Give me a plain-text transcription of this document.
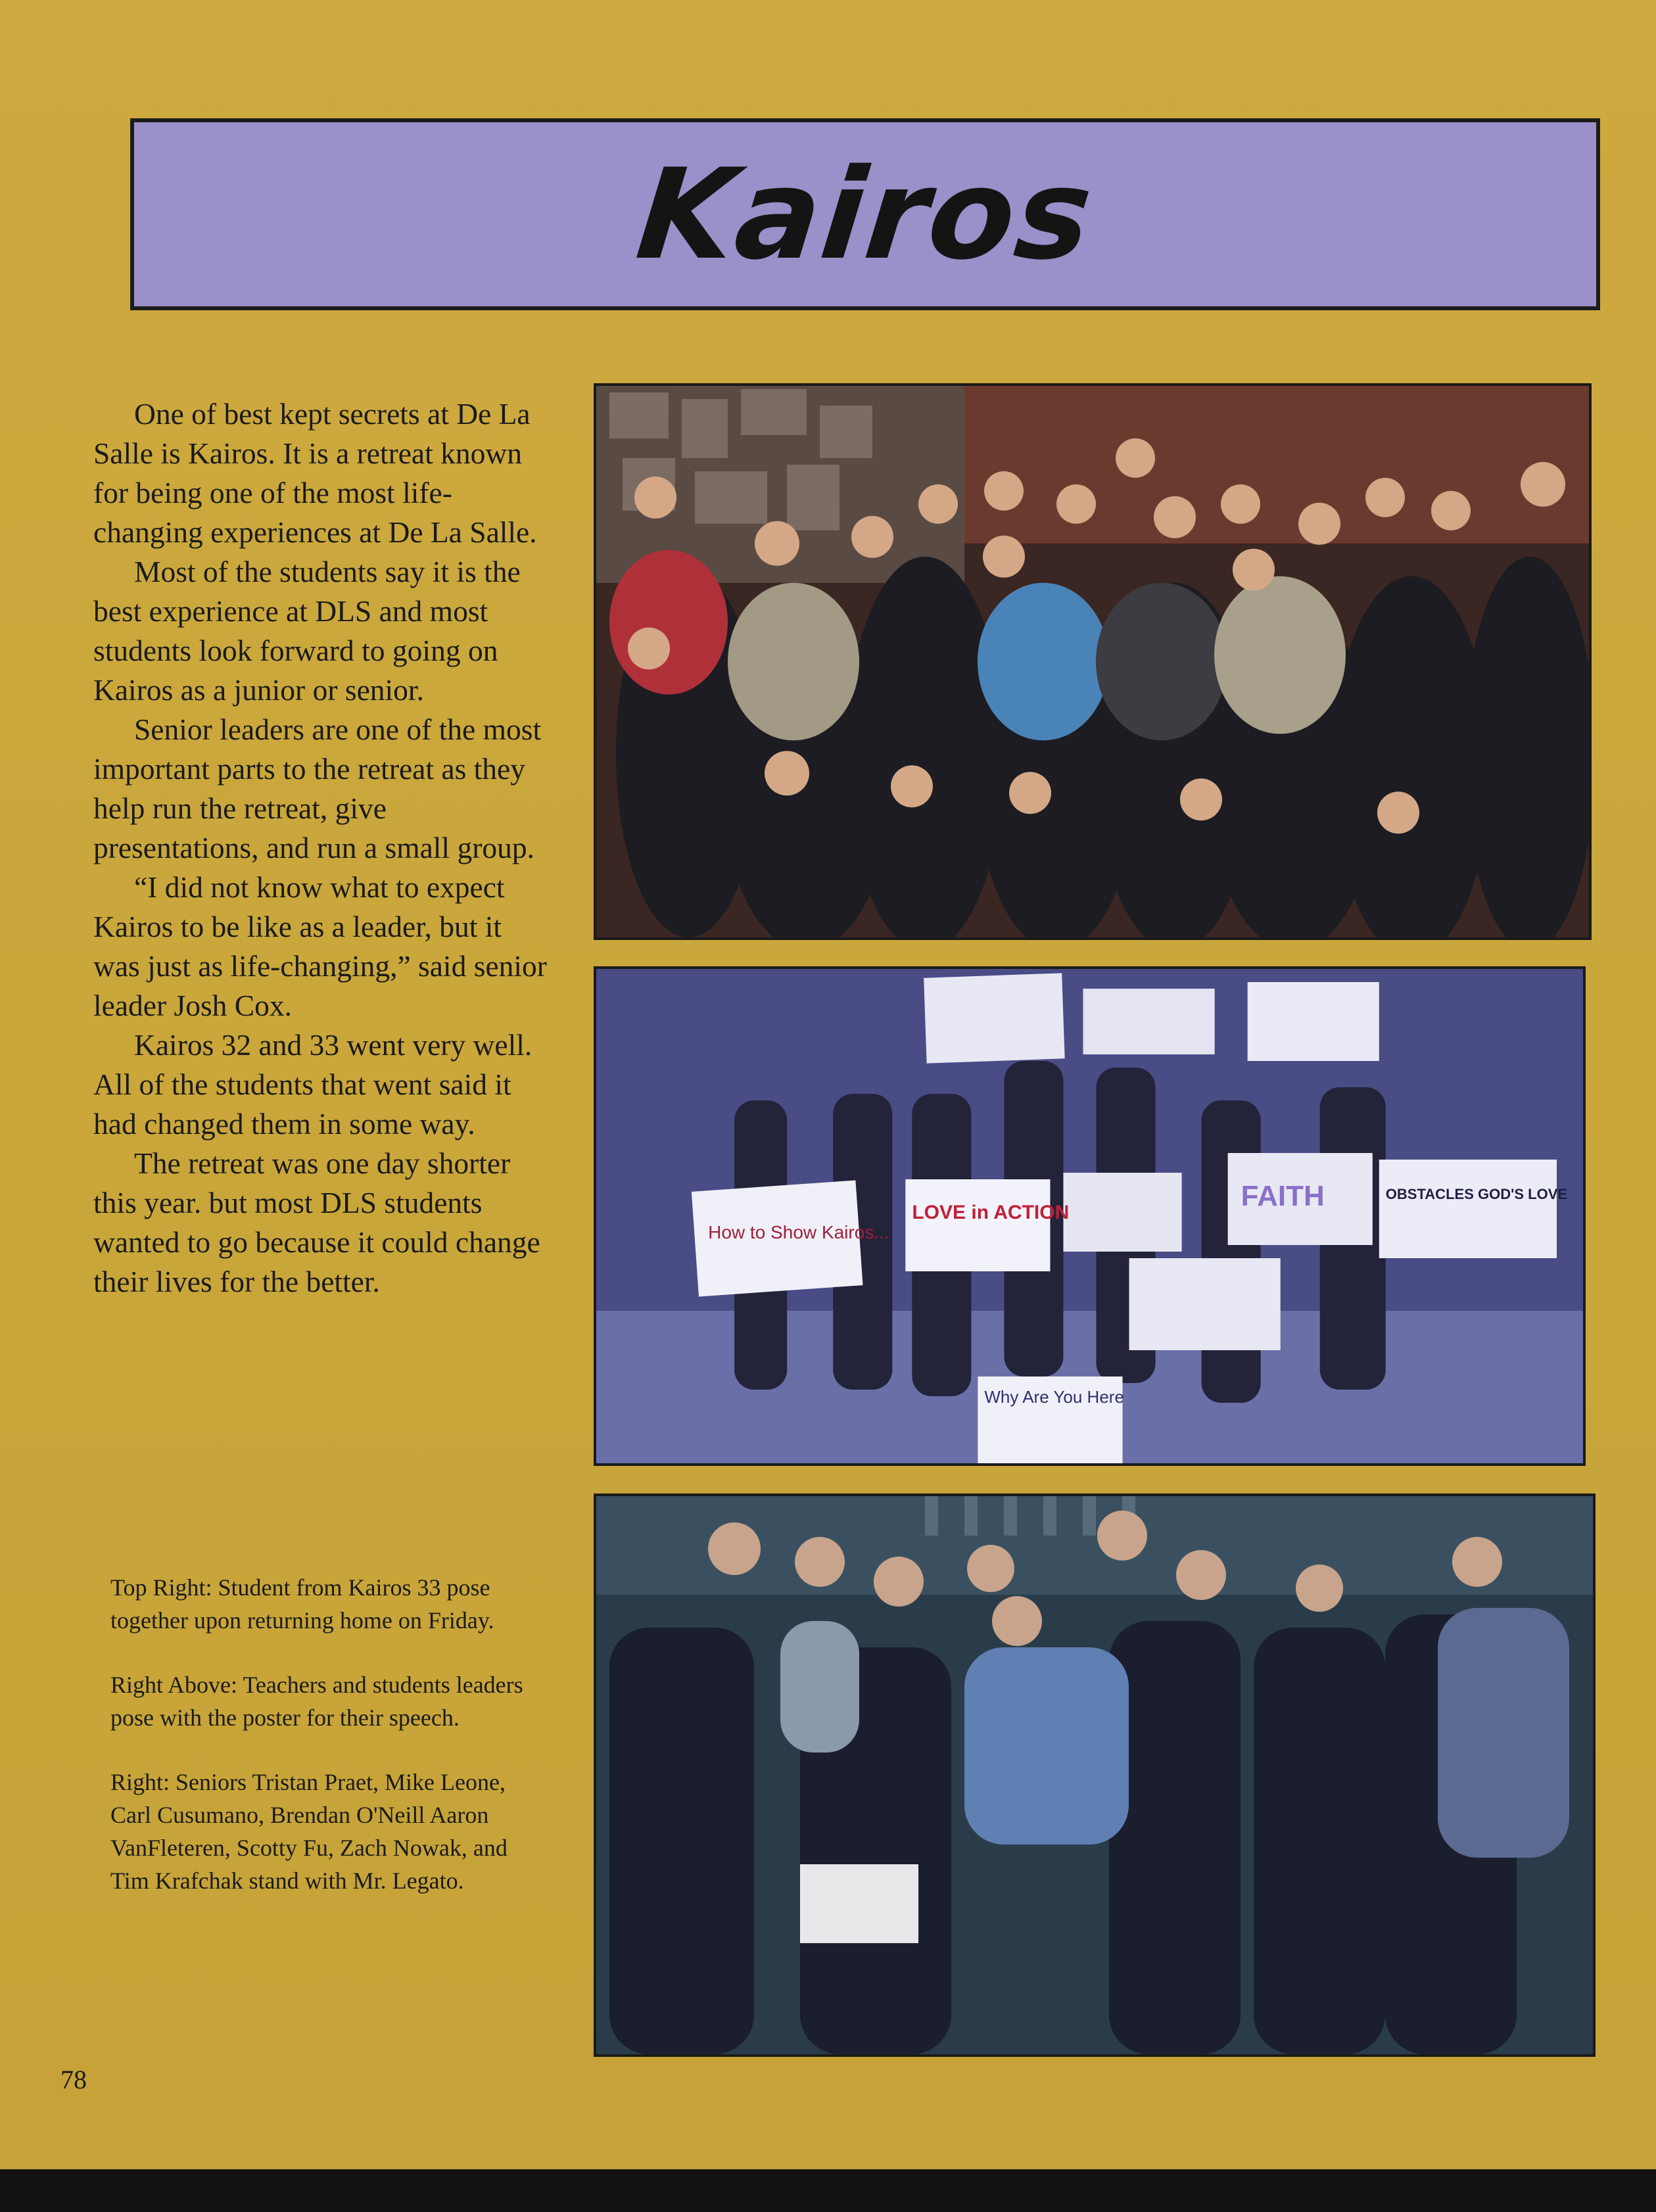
Kairos

One of best kept secrets at De La Salle is Kairos. It is a retreat known for being one of the most life-changing experiences at De La Salle.

Most of the students say it is the best experience at DLS and most students look forward to going on Kairos as a junior or senior.

Senior leaders are one of the most important parts to the retreat as they help run the retreat, give presentations, and run a small group.

“I did not know what to expect Kairos to be like as a leader, but it was just as life-changing,” said senior leader Josh Cox.

Kairos 32 and 33 went very well. All of the students that went said it had changed them in some way.

The retreat was one day shorter this year. but most DLS students wanted to go because it could change their lives for the better.

Top Right: Student from Kairos 33 pose together upon returning home on Friday.

Right Above: Teachers and students leaders pose with the poster for their speech.

Right: Seniors Tristan Praet, Mike Leone, Carl Cusumano, Brendan O'Neill Aaron VanFleteren, Scotty Fu, Zach Nowak, and Tim Krafchak stand with Mr. Legato.

78
How to Show Kairos...
LOVE in ACTION
FAITH	OBSTACLES GOD'S LOVE
Why Are You Here
